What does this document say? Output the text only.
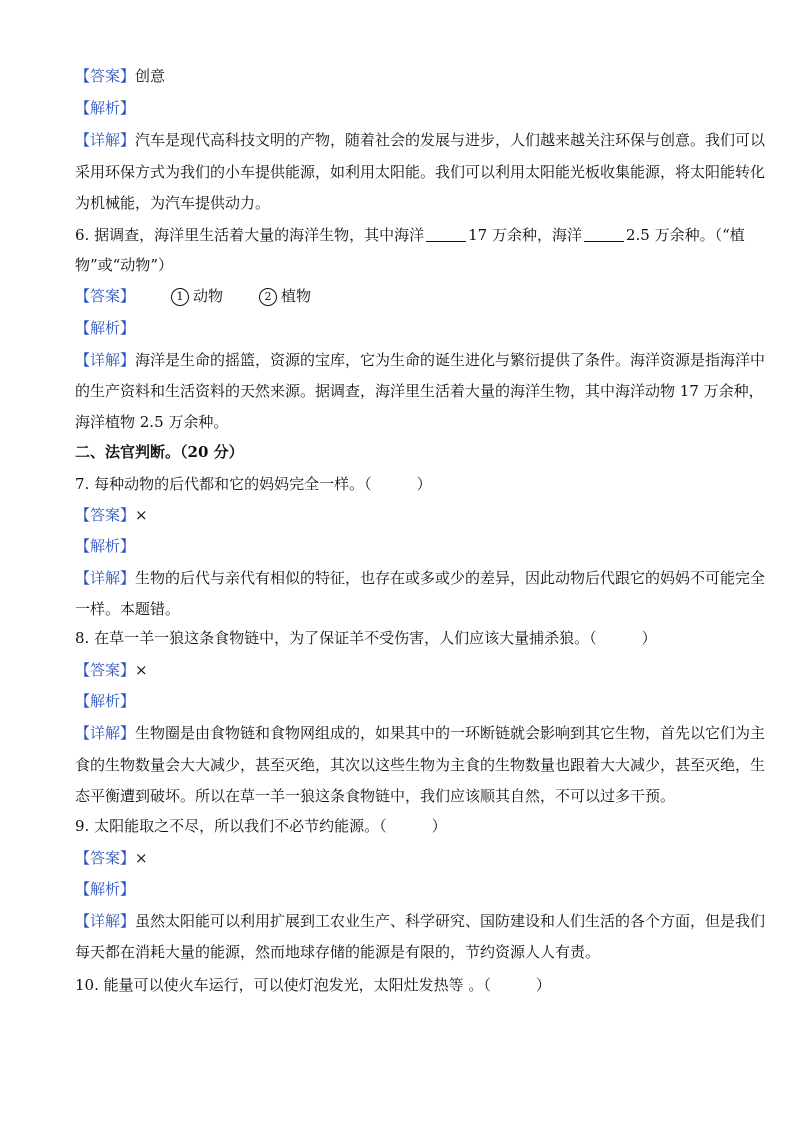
【答案】创意
【解析】
【详解】汽车是现代高科技文明的产物，随着社会的发展与进步，人们越来越关注环保与创意。我们可以
采用环保方式为我们的小车提供能源，如利用太阳能。我们可以利用太阳能光板收集能源，将太阳能转化
为机械能，为汽车提供动力。
6. 据调查，海洋里生活着大量的海洋生物，其中海洋	17 万余种，海洋	2.5 万余种。（“植
物”或“动物”）
【答案】	1 动物	2 植物
【解析】
【详解】海洋是生命的摇篮，资源的宝库，它为生命的诞生进化与繁衍提供了条件。海洋资源是指海洋中
的生产资料和生活资料的天然来源。据调查，海洋里生活着大量的海洋生物，其中海洋动物 17 万余种，
海洋植物 2.5 万余种。
二、法官判断。（20 分）
7. 每种动物的后代都和它的妈妈完全一样。（　　　）
【答案】×
【解析】
【详解】生物的后代与亲代有相似的特征，也存在或多或少的差异，因此动物后代跟它的妈妈不可能完全
一样。本题错。
8. 在草一羊一狼这条食物链中，为了保证羊不受伤害，人们应该大量捕杀狼。（　　　）
【答案】×
【解析】
【详解】生物圈是由食物链和食物网组成的，如果其中的一环断链就会影响到其它生物，首先以它们为主
食的生物数量会大大减少，甚至灭绝，其次以这些生物为主食的生物数量也跟着大大减少，甚至灭绝，生
态平衡遭到破坏。所以在草一羊一狼这条食物链中，我们应该顺其自然，不可以过多干预。
9. 太阳能取之不尽，所以我们不必节约能源。（　　　）
【答案】×
【解析】
【详解】虽然太阳能可以利用扩展到工农业生产、科学研究、国防建设和人们生活的各个方面，但是我们
每天都在消耗大量的能源，然而地球存储的能源是有限的，节约资源人人有责。
10. 能量可以使火车运行，可以使灯泡发光，太阳灶发热等 。（　　　）
